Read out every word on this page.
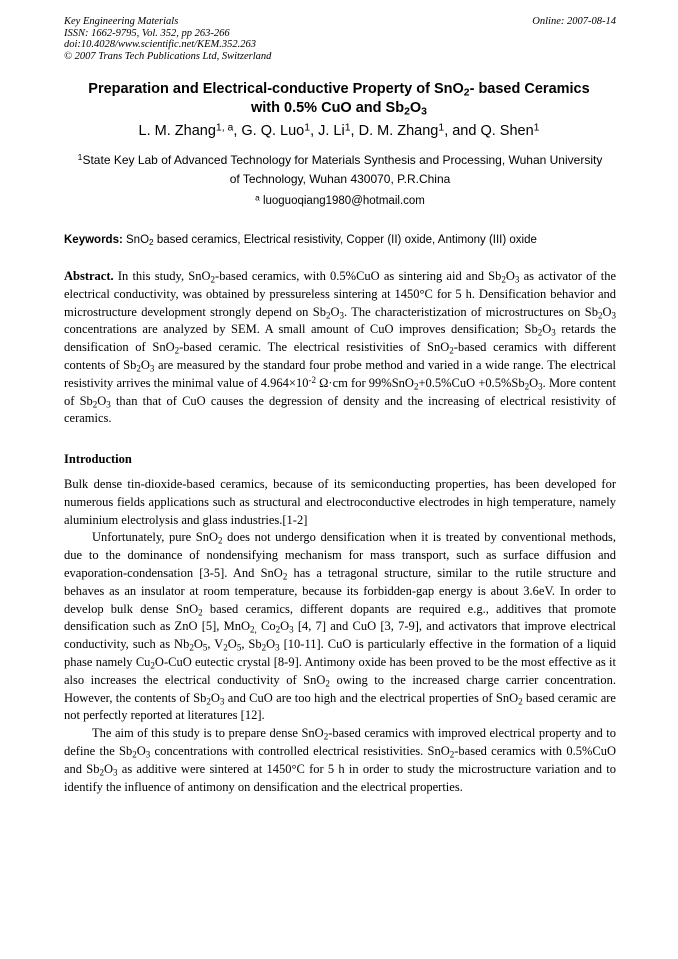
Key Engineering Materials
ISSN: 1662-9795, Vol. 352, pp 263-266
doi:10.4028/www.scientific.net/KEM.352.263
© 2007 Trans Tech Publications Ltd, Switzerland
Online: 2007-08-14
Preparation and Electrical-conductive Property of SnO$_2$- based Ceramics
with 0.5% CuO and $Sb_2O_3$
L. M. Zhang$^{1, a}$, G. Q. Luo$^1$, J. Li$^1$, D. M. Zhang$^1$, and Q. Shen$^1$
$^1$State Key Lab of Advanced Technology for Materials Synthesis and Processing, Wuhan University
of Technology, Wuhan 430070, P.R.China
$^a$ luoguoqiang1980@hotmail.com
Keywords: SnO$_2$ based ceramics, Electrical resistivity, Copper (II) oxide, Antimony (III) oxide
Abstract. In this study, SnO$_2$-based ceramics, with 0.5%CuO as sintering aid and $Sb_2O_3$ as activator of the electrical conductivity, was obtained by pressureless sintering at 1450°C for 5 h. Densification behavior and microstructure development strongly depend on $Sb_2O_3$. The characteristization of microstructures on $Sb_2O_3$ concentrations are analyzed by SEM. A small amount of CuO improves densification; $Sb_2O_3$ retards the densification of SnO$_2$-based ceramic. The electrical resistivities of SnO$_2$-based ceramics with different contents of $Sb_2O_3$ are measured by the standard four probe method and varied in a wide range. The electrical resistivity arrives the minimal value of $4.964\times 10^{-2}$ Ω·cm for $99\%SnO_2+0.5\%CuO +0.5\%Sb_2O_3$. More content of $Sb_2O_3$ than that of CuO causes the degression of density and the increasing of electrical resistivity of ceramics.
Introduction

Bulk dense tin-dioxide-based ceramics, because of its semiconducting properties, has been developed for numerous fields applications such as structural and electroconductive electrodes in high temperature, namely aluminium electrolysis and glass industries.[1-2]

Unfortunately, pure SnO$_2$ does not undergo densification when it is treated by conventional methods, due to the dominance of nondensifying mechanism for mass transport, such as surface diffusion and evaporation-condensation [3-5]. And SnO$_2$ has a tetragonal structure, similar to the rutile structure and behaves as an insulator at room temperature, because its forbidden-gap energy is about 3.6eV. In order to develop bulk dense SnO$_2$ based ceramics, different dopants are required e.g., additives that promote densification such as ZnO [5], MnO$_{2,}$ $Co_2O_3$ [4, 7] and CuO [3, 7-9], and activators that improve electrical conductivity, such as $Nb_2O_5$, $V_2O_5$, $Sb_2O_3$ [10-11]. CuO is particularly effective in the formation of a liquid phase namely $Cu_2O$-CuO eutectic crystal [8-9]. Antimony oxide has been proved to be the most effective as it also increases the electrical conductivity of SnO$_2$ owing to the increased charge carrier concentration. However, the contents of $Sb_2O_3$ and CuO are too high and the electrical properties of SnO$_2$ based ceramic are not perfectly reported at literatures [12].

The aim of this study is to prepare dense SnO$_2$-based ceramics with improved electrical property and to define the $Sb_2O_3$ concentrations with controlled electrical resistivities. SnO$_2$-based ceramics with 0.5%CuO and $Sb_2O_3$ as additive were sintered at 1450°C for 5 h in order to study the microstructure variation and to identify the influence of antimony on densification and the electrical properties.
